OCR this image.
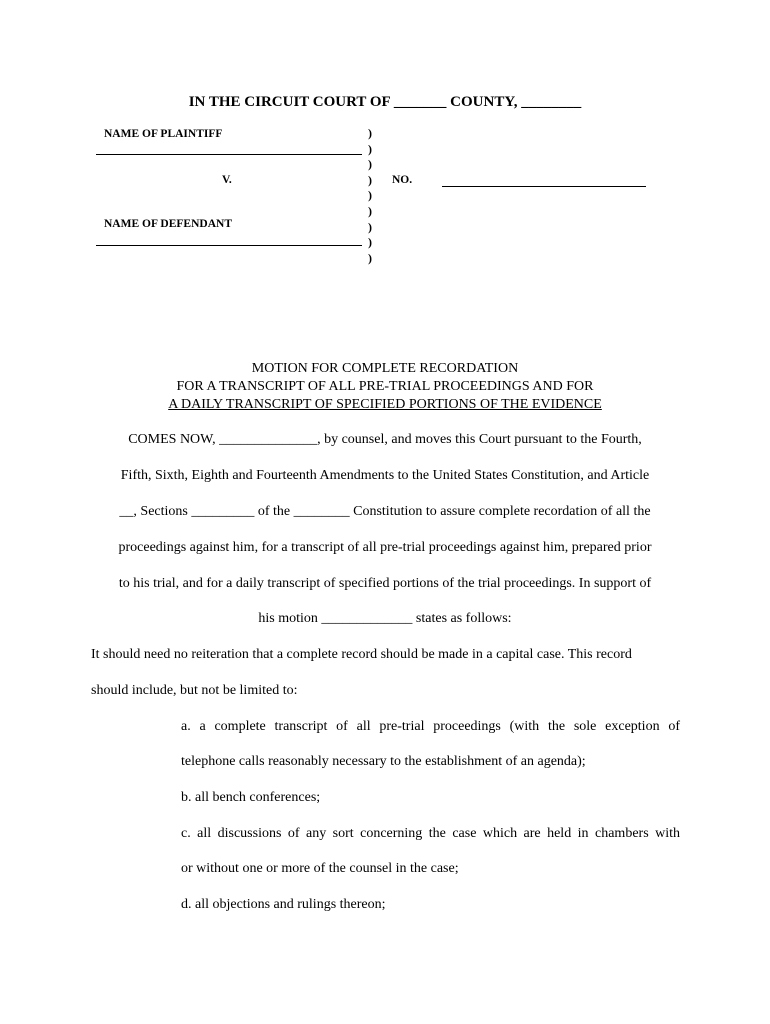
IN THE CIRCUIT COURT OF _______ COUNTY, ________
NAME OF PLAINTIFF
V.
NAME OF DEFENDANT
)
)
)
)
)
)
)
)
)
NO.
MOTION FOR COMPLETE RECORDATION
FOR A TRANSCRIPT OF ALL PRE-TRIAL PROCEEDINGS AND FOR
A DAILY TRANSCRIPT OF SPECIFIED PORTIONS OF THE EVIDENCE
COMES NOW, ______________, by counsel, and moves this Court pursuant to the Fourth,
Fifth, Sixth, Eighth and Fourteenth Amendments to the United States Constitution, and Article
__, Sections _________ of the ________ Constitution to assure complete recordation of all the
proceedings against him, for a transcript of all pre-trial proceedings against him, prepared prior
to his trial, and for a daily transcript of specified portions of the trial proceedings. In support of
his motion _____________ states as follows:
It should need no reiteration that a complete record should be made in a capital case. This record
should include, but not be limited to:
a. a complete transcript of all pre-trial proceedings (with the sole exception of
telephone calls reasonably necessary to the establishment of an agenda);
b. all bench conferences;
c. all discussions of any sort concerning the case which are held in chambers with
or without one or more of the counsel in the case;
d. all objections and rulings thereon;
